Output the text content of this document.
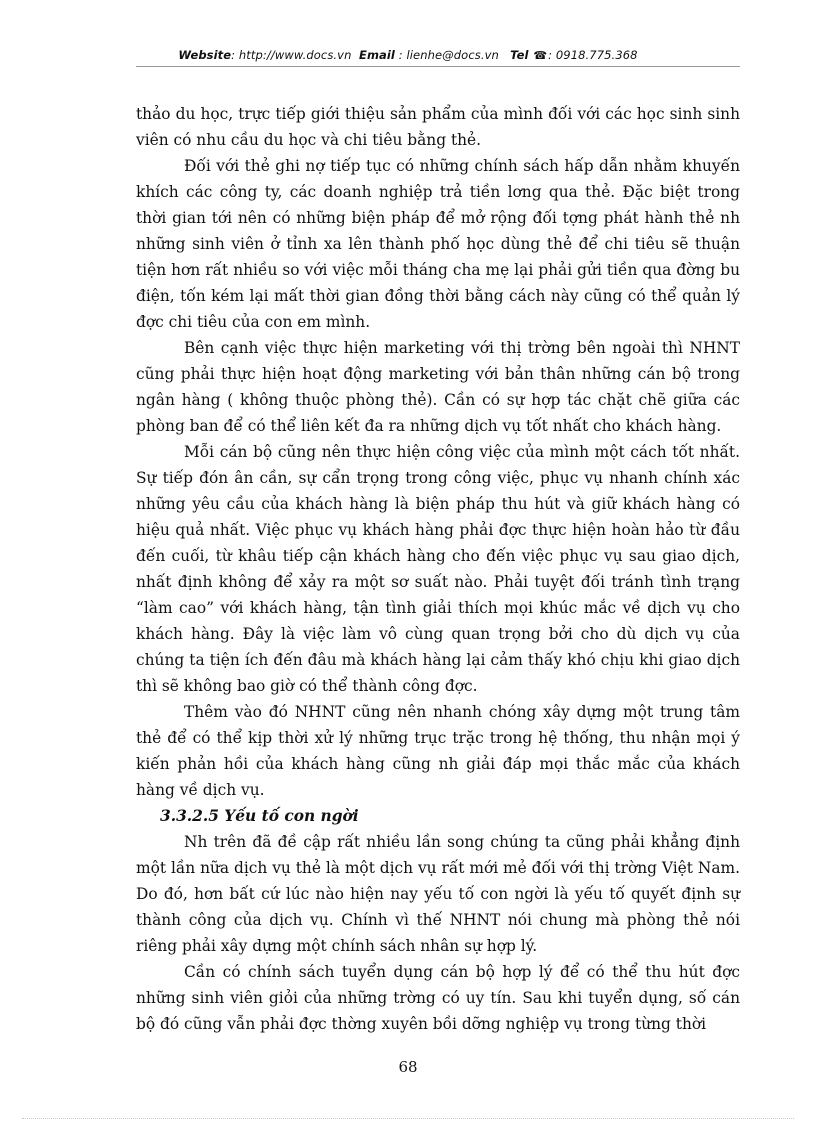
Website: http://www.docs.vn Email : lienhe@docs.vn Tel ☎: 0918.775.368

thảo du học, trực tiếp giới thiệu sản phẩm của mình đối với các học sinh sinh viên có nhu cầu du học và chi tiêu bằng thẻ.

Đối với thẻ ghi nợ tiếp tục có những chính sách hấp dẫn nhằm khuyến khích các công ty, các doanh nghiệp trả tiền lơng qua thẻ. Đặc biệt trong thời gian tới nên có những biện pháp để mở rộng đối tợng phát hành thẻ nh những sinh viên ở tỉnh xa lên thành phố học dùng thẻ để chi tiêu sẽ thuận tiện hơn rất nhiều so với việc mỗi tháng cha mẹ lại phải gửi tiền qua đờng bu điện, tốn kém lại mất thời gian đồng thời bằng cách này cũng có thể quản lý đợc chi tiêu của con em mình.

Bên cạnh việc thực hiện marketing với thị trờng bên ngoài thì NHNT cũng phải thực hiện hoạt động marketing với bản thân những cán bộ trong ngân hàng ( không thuộc phòng thẻ). Cần có sự hợp tác chặt chẽ giữa các phòng ban để có thể liên kết đa ra những dịch vụ tốt nhất cho khách hàng.

Mỗi cán bộ cũng nên thực hiện công việc của mình một cách tốt nhất. Sự tiếp đón ân cần, sự cẩn trọng trong công việc, phục vụ nhanh chính xác những yêu cầu của khách hàng là biện pháp thu hút và giữ khách hàng có hiệu quả nhất. Việc phục vụ khách hàng phải đợc thực hiện hoàn hảo từ đầu đến cuối, từ khâu tiếp cận khách hàng cho đến việc phục vụ sau giao dịch, nhất định không để xảy ra một sơ suất nào. Phải tuyệt đối tránh tình trạng “làm cao” với khách hàng, tận tình giải thích mọi khúc mắc về dịch vụ cho khách hàng. Đây là việc làm vô cùng quan trọng bởi cho dù dịch vụ của chúng ta tiện ích đến đâu mà khách hàng lại cảm thấy khó chịu khi giao dịch thì sẽ không bao giờ có thể thành công đợc.

Thêm vào đó NHNT cũng nên nhanh chóng xây dựng một trung tâm thẻ để có thể kịp thời xử lý những trục trặc trong hệ thống, thu nhận mọi ý kiến phản hồi của khách hàng cũng nh giải đáp mọi thắc mắc của khách hàng về dịch vụ.

3.3.2.5 Yếu tố con ngời

Nh trên đã đề cập rất nhiều lần song chúng ta cũng phải khẳng định một lần nữa dịch vụ thẻ là một dịch vụ rất mới mẻ đối với thị trờng Việt Nam. Do đó, hơn bất cứ lúc nào hiện nay yếu tố con ngời là yếu tố quyết định sự thành công của dịch vụ. Chính vì thế NHNT nói chung mà phòng thẻ nói riêng phải xây dựng một chính sách nhân sự hợp lý.

Cần có chính sách tuyển dụng cán bộ hợp lý để có thể thu hút đợc những sinh viên giỏi của những trờng có uy tín. Sau khi tuyển dụng, số cán bộ đó cũng vẫn phải đợc thờng xuyên bồi dỡng nghiệp vụ trong từng thời

68
